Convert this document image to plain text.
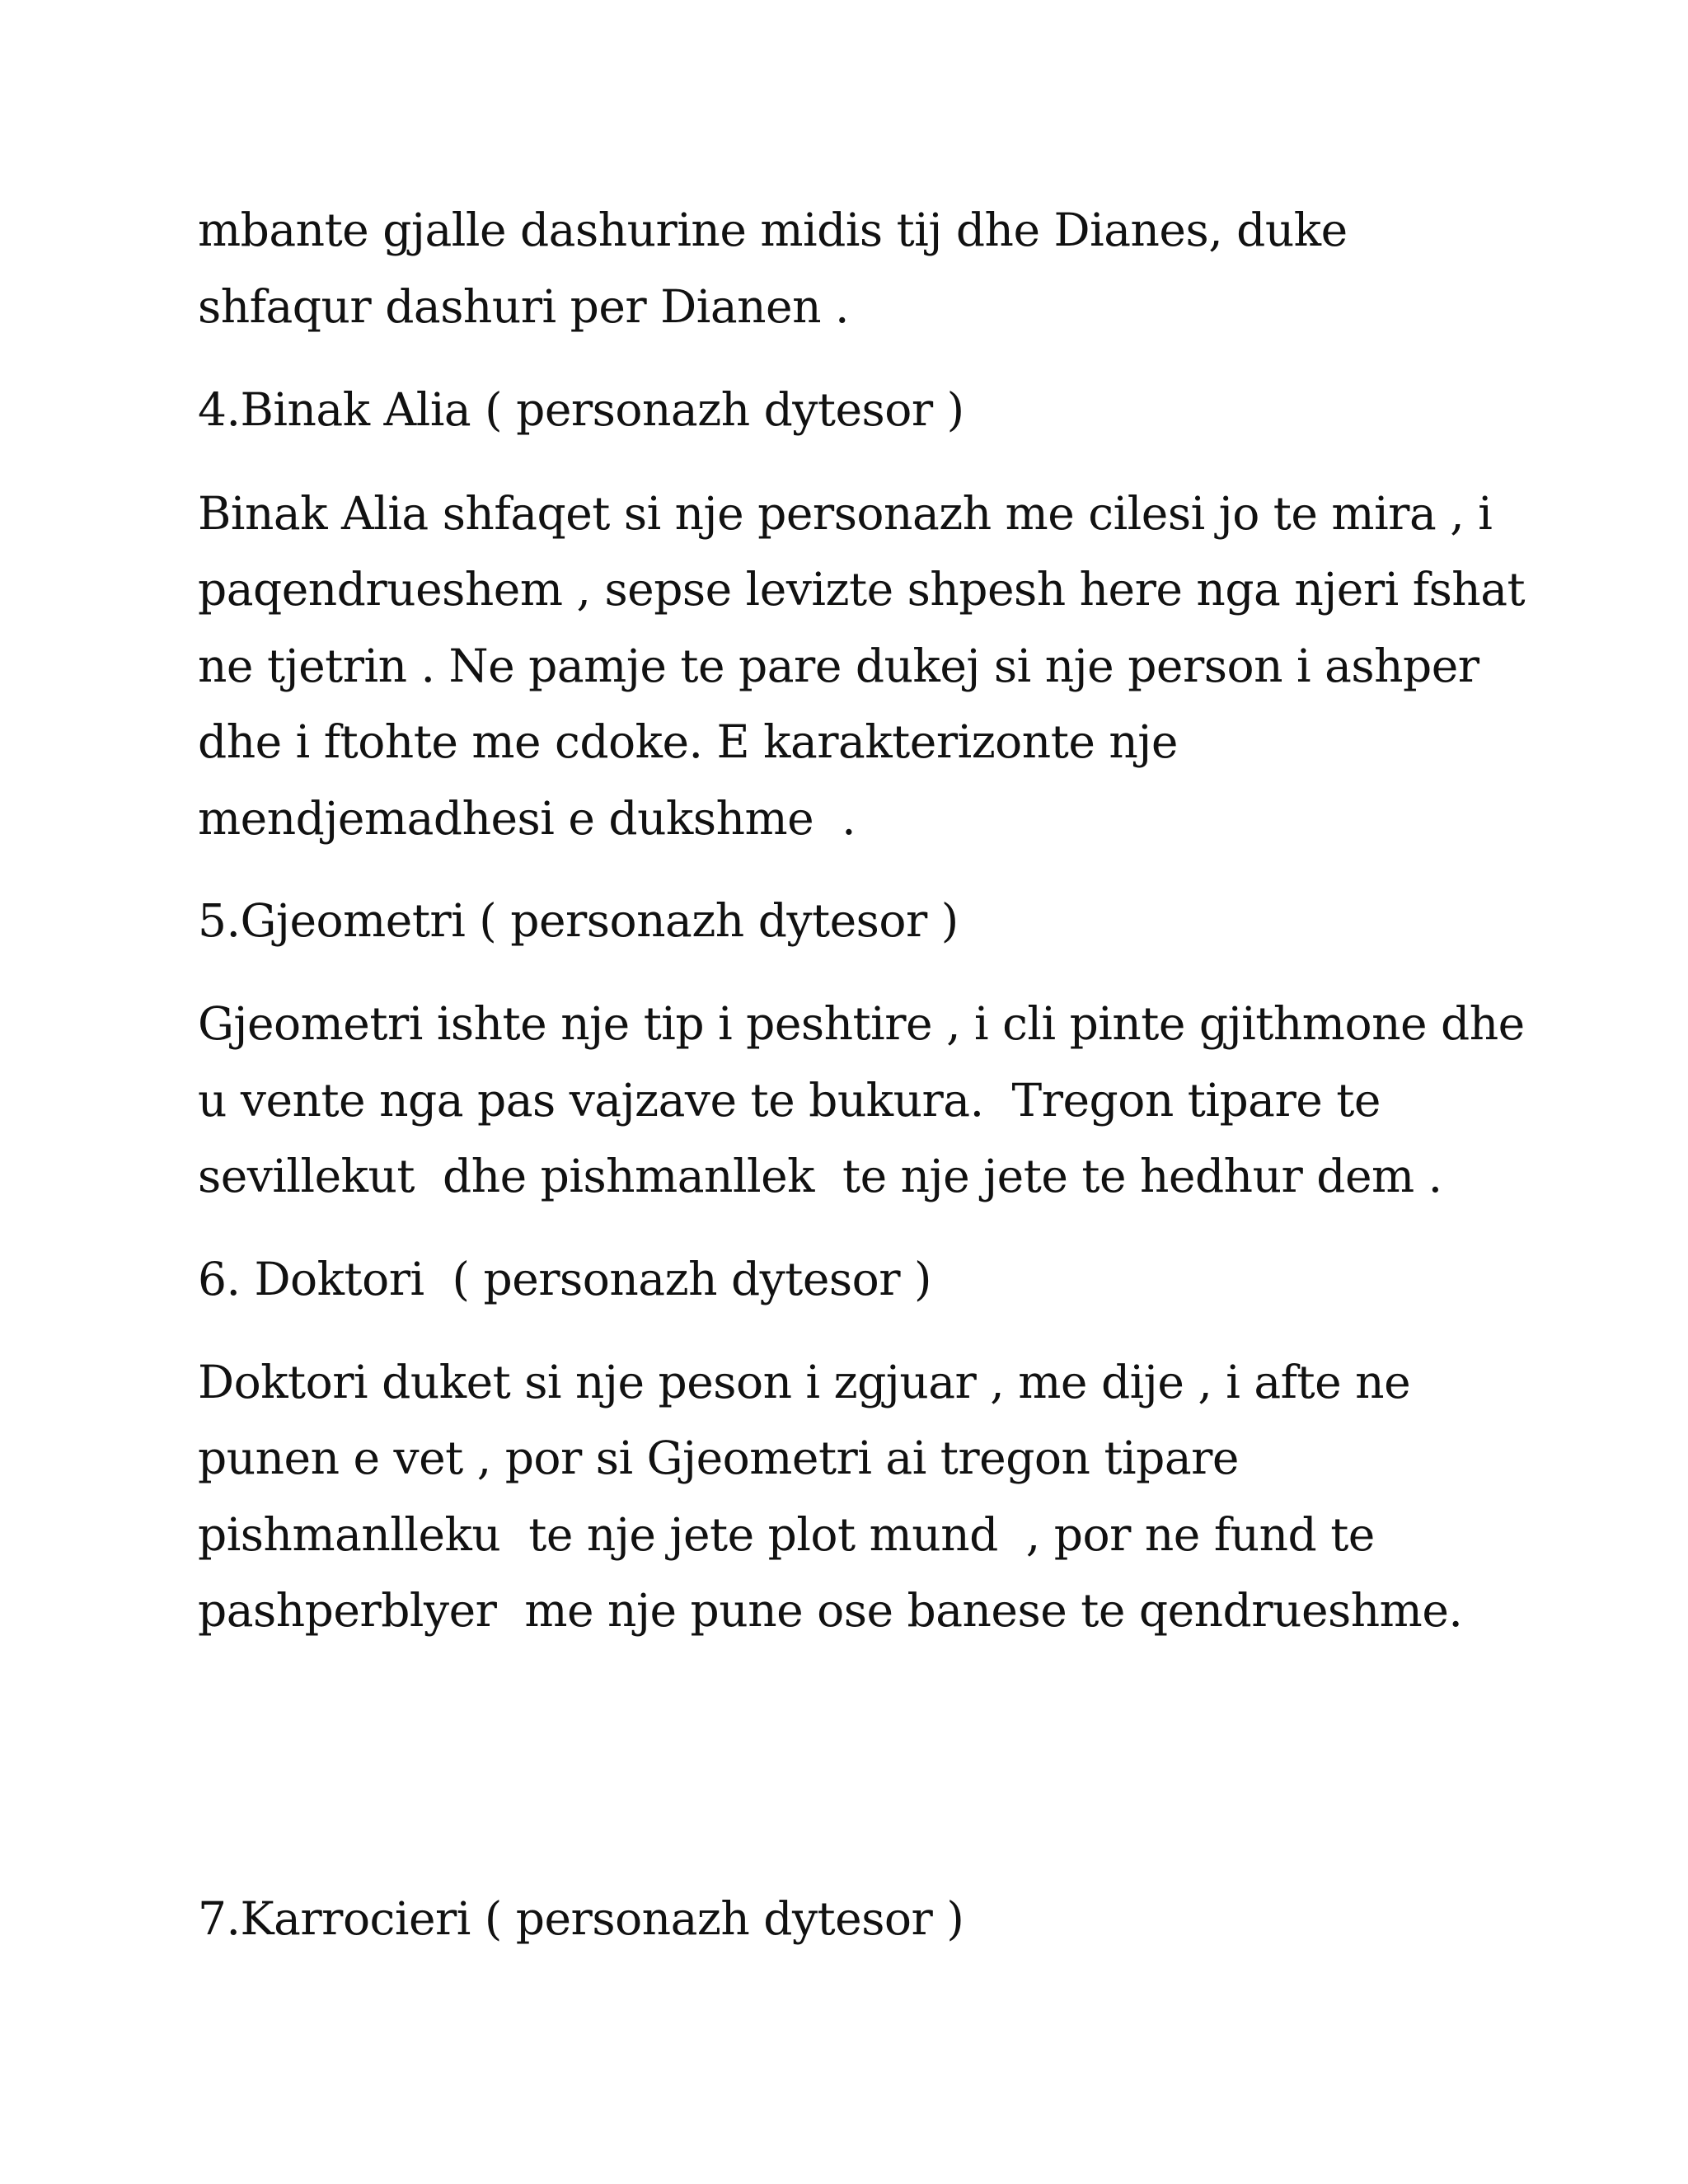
mbante gjalle dashurine midis tij dhe Dianes, duke
shfaqur dashuri per Dianen .
4.Binak Alia ( personazh dytesor )
Binak Alia shfaqet si nje personazh me cilesi jo te mira , i
paqendrueshem , sepse levizte shpesh here nga njeri fshat
ne tjetrin . Ne pamje te pare dukej si nje person i ashper
dhe i ftohte me cdoke. E karakterizonte nje
mendjemadhesi e dukshme  .
5.Gjeometri ( personazh dytesor )
Gjeometri ishte nje tip i peshtire , i cli pinte gjithmone dhe
u vente nga pas vajzave te bukura.  Tregon tipare te
sevillekut  dhe pishmanllek  te nje jete te hedhur dem .
6. Doktori  ( personazh dytesor )
Doktori duket si nje peson i zgjuar , me dije , i afte ne
punen e vet , por si Gjeometri ai tregon tipare
pishmanlleku  te nje jete plot mund  , por ne fund te
pashperblyer  me nje pune ose banese te qendrueshme.
7.Karrocieri ( personazh dytesor )
